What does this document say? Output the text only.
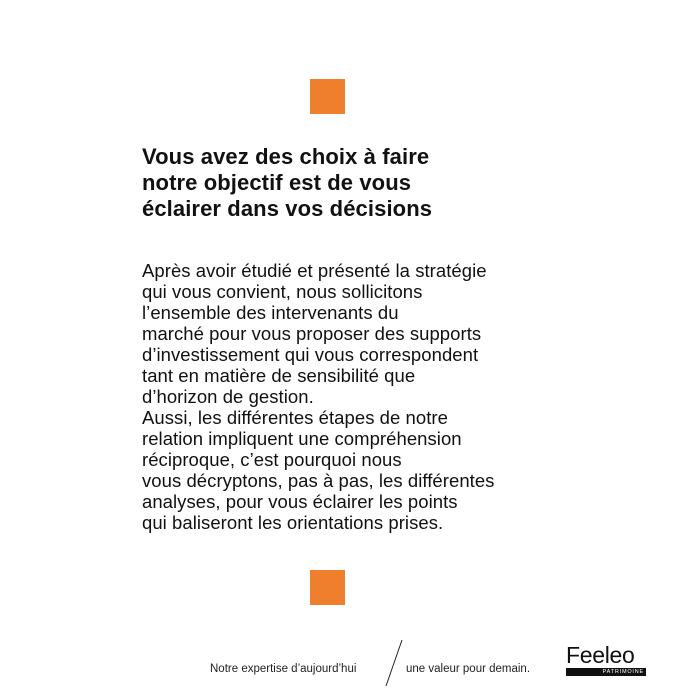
Vous avez des choix à faire
notre objectif est de vous
éclairer dans vos décisions
Après avoir étudié et présenté la stratégie
qui vous convient, nous sollicitons
l’ensemble des intervenants du
marché pour vous proposer des supports
d’investissement qui vous correspondent
tant en matière de sensibilité que
d’horizon de gestion.
Aussi, les différentes étapes de notre
relation impliquent une compréhension
réciproque, c’est pourquoi nous
vous décryptons, pas à pas, les différentes
analyses, pour vous éclairer les points
qui baliseront les orientations prises.
Notre expertise d’aujourd’hui	une valeur pour demain.
Feeleo
PATRIMOINE
